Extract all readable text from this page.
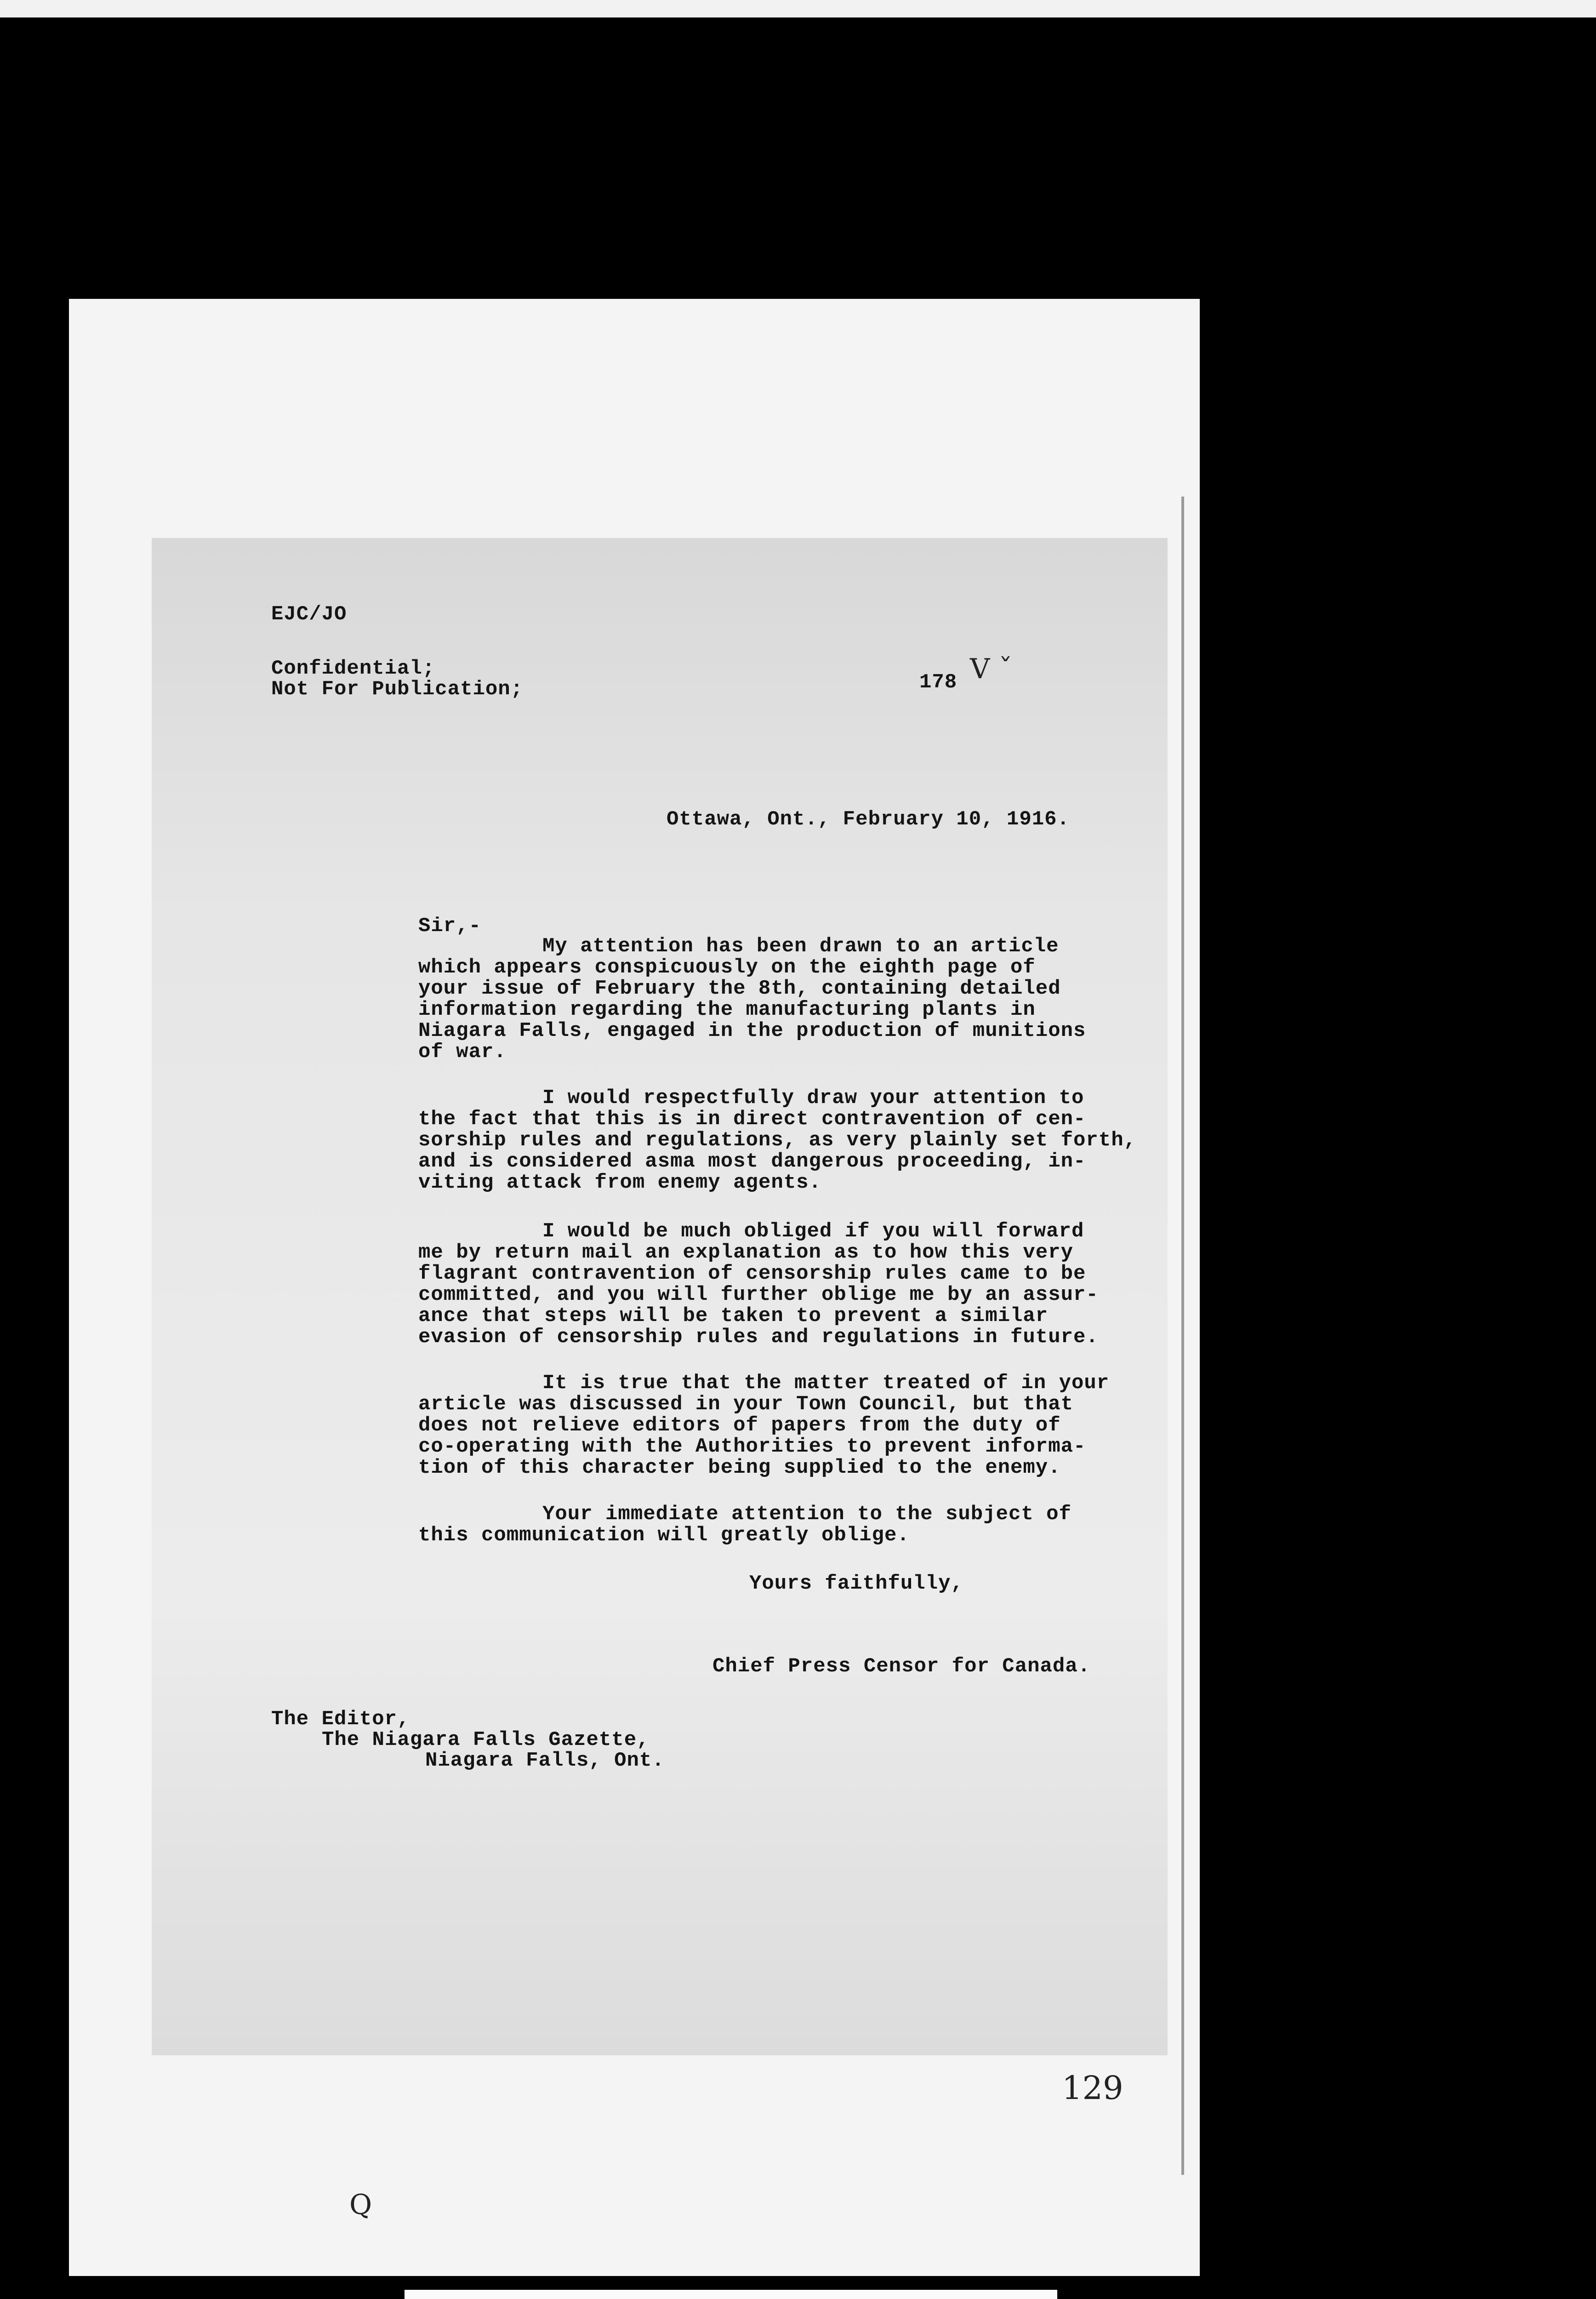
EJC/JO
Confidential;
Not For Publication;	178 V ˇ
Ottawa, Ont., February 10, 1916.
Sir,-
My attention has been drawn to an article
which appears conspicuously on the eighth page of
your issue of February the 8th, containing detailed
information regarding the manufacturing plants in
Niagara Falls, engaged in the production of munitions
of war.
I would respectfully draw your attention to
the fact that this is in direct contravention of cen-
sorship rules and regulations, as very plainly set forth,
and is considered asma most dangerous proceeding, in-
viting attack from enemy agents.
I would be much obliged if you will forward
me by return mail an explanation as to how this very
flagrant contravention of censorship rules came to be
committed, and you will further oblige me by an assur-
ance that steps will be taken to prevent a similar
evasion of censorship rules and regulations in future.
It is true that the matter treated of in your
article was discussed in your Town Council, but that
does not relieve editors of papers from the duty of
co-operating with the Authorities to prevent informa-
tion of this character being supplied to the enemy.
Your immediate attention to the subject of
this communication will greatly oblige.
Yours faithfully,
Chief Press Censor for Canada.
The Editor,
The Niagara Falls Gazette,
Niagara Falls, Ont.
129
Q
